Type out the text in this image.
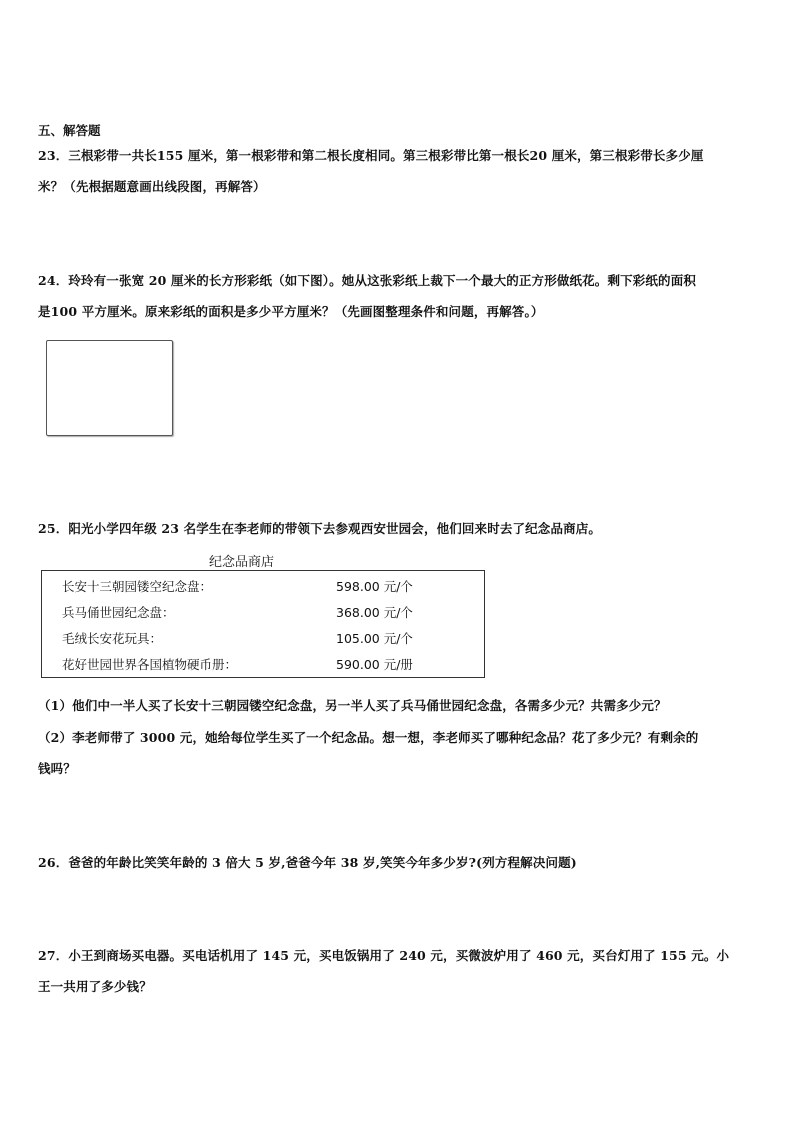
五、解答题
23．三根彩带一共长155 厘米，第一根彩带和第二根长度相同。第三根彩带比第一根长20 厘米，第三根彩带长多少厘
米？（先根据题意画出线段图，再解答）
24．玲玲有一张宽 20 厘米的长方形彩纸（如下图）。她从这张彩纸上裁下一个最大的正方形做纸花。剩下彩纸的面积
是100 平方厘米。原来彩纸的面积是多少平方厘米？（先画图整理条件和问题，再解答。）
25．阳光小学四年级 23 名学生在李老师的带领下去参观西安世园会，他们回来时去了纪念品商店。
纪念品商店
长安十三朝园镂空纪念盘：	598.00 元/个
兵马俑世园纪念盘：	368.00 元/个
毛绒长安花玩具：	105.00 元/个
花好世园世界各国植物硬币册：	590.00 元/册
（1）他们中一半人买了长安十三朝园镂空纪念盘，另一半人买了兵马俑世园纪念盘，各需多少元？共需多少元？
（2）李老师带了 3000 元，她给每位学生买了一个纪念品。想一想，李老师买了哪种纪念品？花了多少元？有剩余的
钱吗？
26．爸爸的年龄比笑笑年龄的 3 倍大 5 岁,爸爸今年 38 岁,笑笑今年多少岁?(列方程解决问题)
27．小王到商场买电器。买电话机用了 145 元，买电饭锅用了 240 元，买微波炉用了 460 元，买台灯用了 155 元。小
王一共用了多少钱？
